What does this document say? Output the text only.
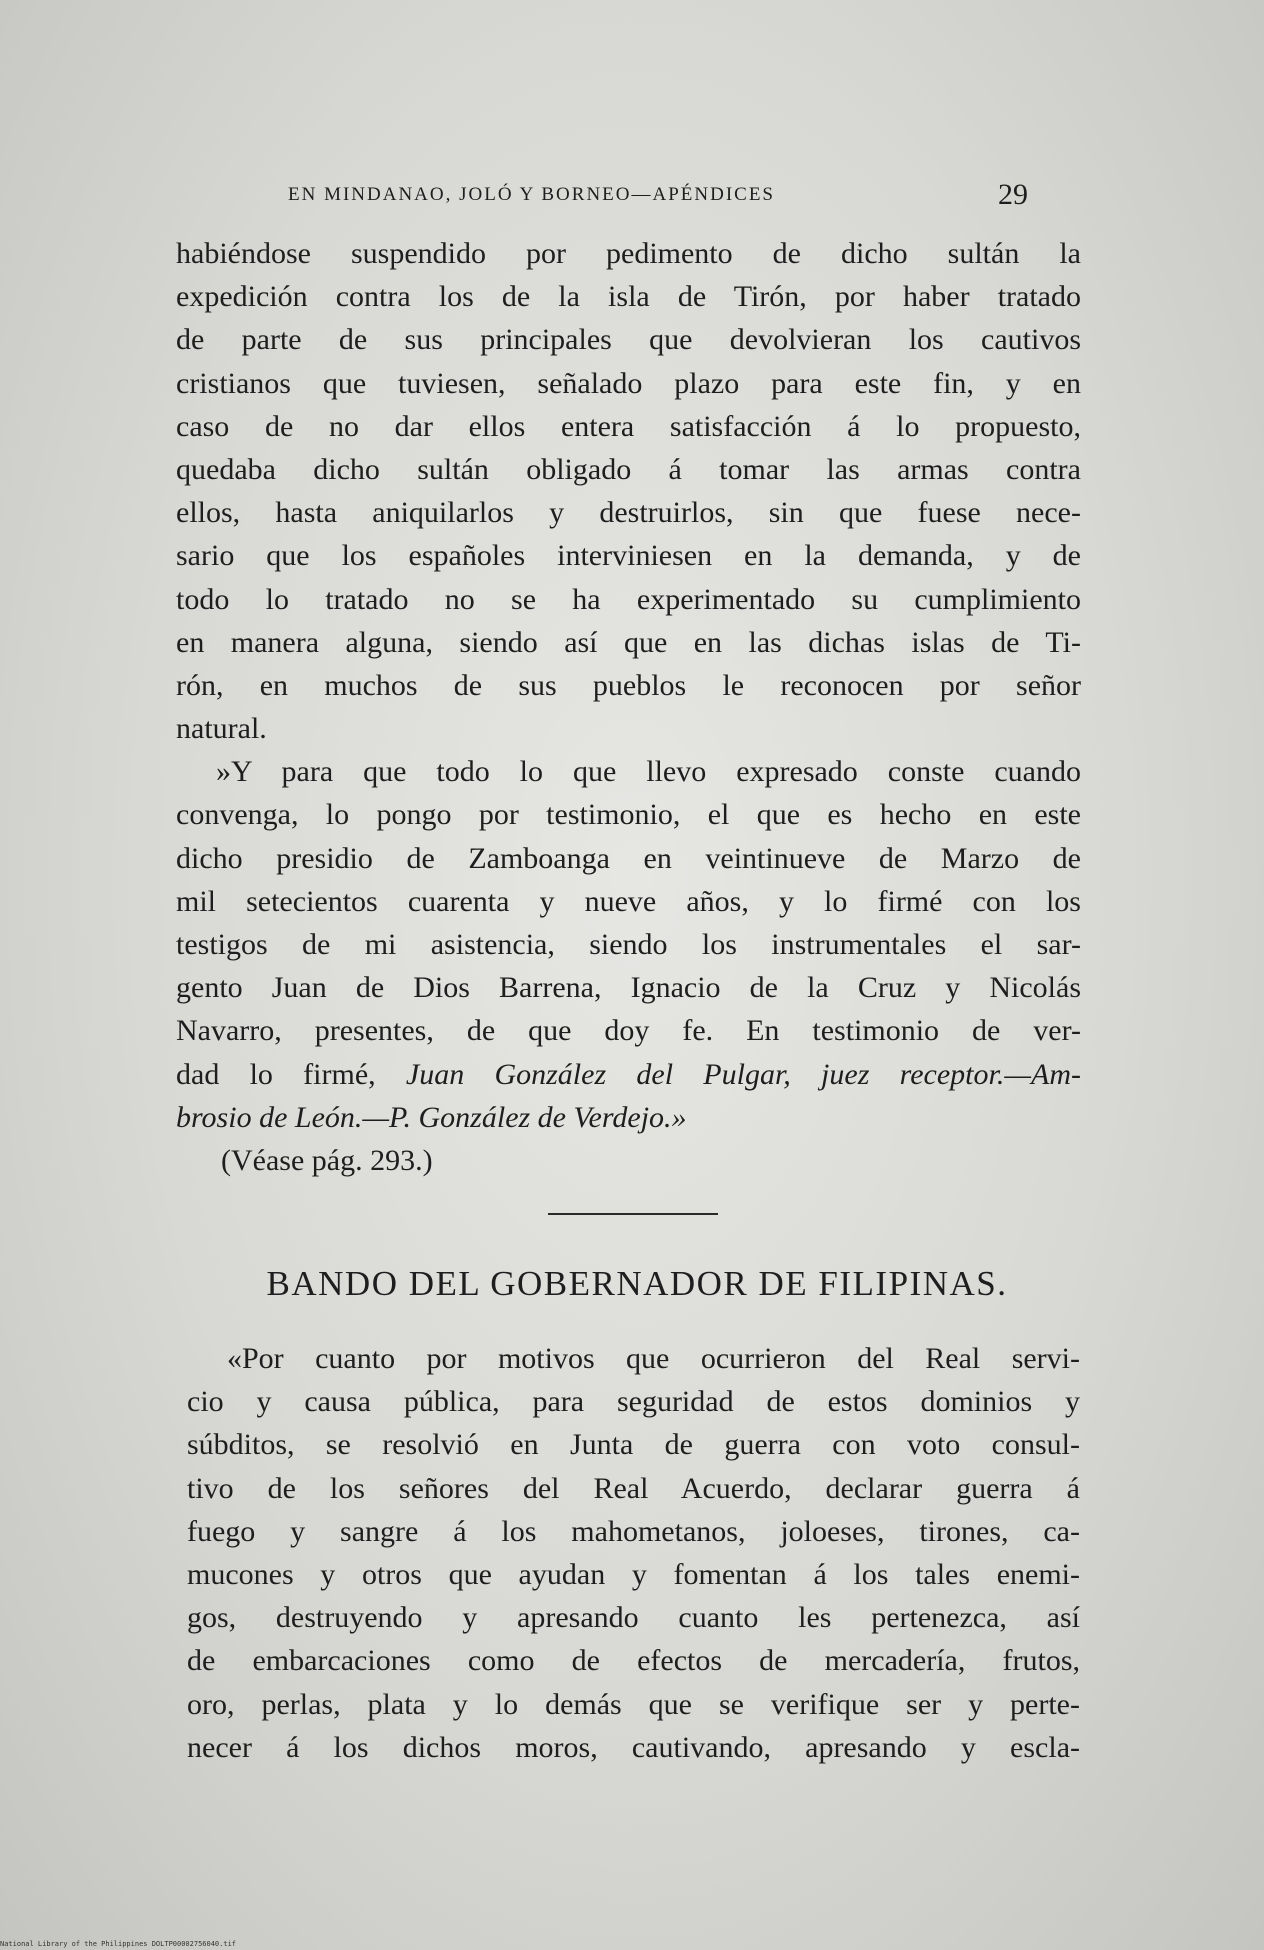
EN MINDANAO, JOLÓ Y BORNEO—APÉNDICES	29
habiéndose suspendido por pedimento de dicho sultán la
expedición contra los de la isla de Tirón, por haber tratado
de parte de sus principales que devolvieran los cautivos
cristianos que tuviesen, señalado plazo para este fin, y en
caso de no dar ellos entera satisfacción á lo propuesto,
quedaba dicho sultán obligado á tomar las armas contra
ellos, hasta aniquilarlos y destruirlos, sin que fuese nece-
sario que los españoles interviniesen en la demanda, y de
todo lo tratado no se ha experimentado su cumplimiento
en manera alguna, siendo así que en las dichas islas de Ti-
rón, en muchos de sus pueblos le reconocen por señor
natural.
»Y para que todo lo que llevo expresado conste cuando
convenga, lo pongo por testimonio, el que es hecho en este
dicho presidio de Zamboanga en veintinueve de Marzo de
mil setecientos cuarenta y nueve años, y lo firmé con los
testigos de mi asistencia, siendo los instrumentales el sar-
gento Juan de Dios Barrena, Ignacio de la Cruz y Nicolás
Navarro, presentes, de que doy fe. En testimonio de ver-
dad lo firmé, Juan González del Pulgar, juez receptor.—Am-
brosio de León.—P. González de Verdejo.»
(Véase pág. 293.)
BANDO DEL GOBERNADOR DE FILIPINAS.
«Por cuanto por motivos que ocurrieron del Real servi-
cio y causa pública, para seguridad de estos dominios y
súbditos, se resolvió en Junta de guerra con voto consul-
tivo de los señores del Real Acuerdo, declarar guerra á
fuego y sangre á los mahometanos, joloeses, tirones, ca-
mucones y otros que ayudan y fomentan á los tales enemi-
gos, destruyendo y apresando cuanto les pertenezca, así
de embarcaciones como de efectos de mercadería, frutos,
oro, perlas, plata y lo demás que se verifique ser y perte-
necer á los dichos moros, cautivando, apresando y escla-
National Library of the Philippines DOLTP00002756040.tif
